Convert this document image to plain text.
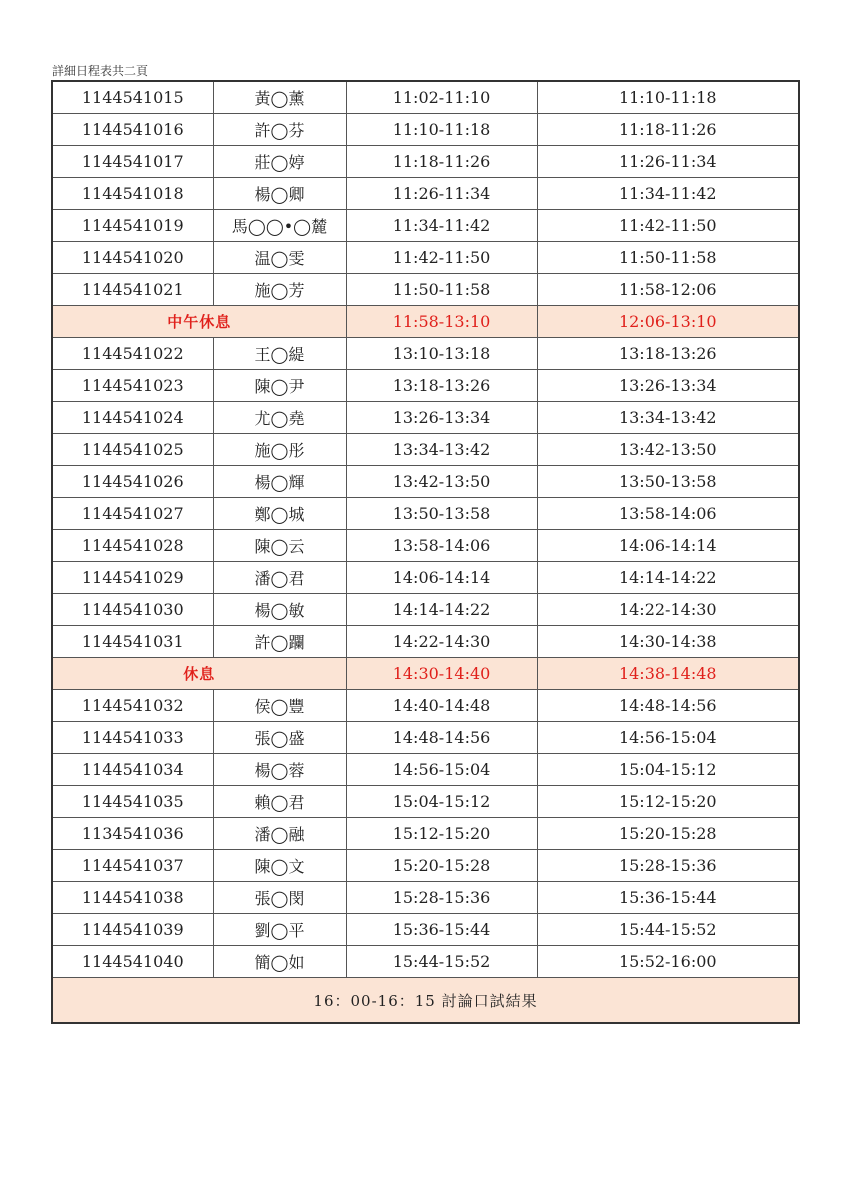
詳細日程表共二頁
1144541015	黃◯薰	11:02-11:10	11:10-11:18
1144541016	許◯芬	11:10-11:18	11:18-11:26
1144541017	莊◯婷	11:18-11:26	11:26-11:34
1144541018	楊◯卿	11:26-11:34	11:34-11:42
1144541019	馬◯◯•◯麓	11:34-11:42	11:42-11:50
1144541020	温◯雯	11:42-11:50	11:50-11:58
1144541021	施◯芳	11:50-11:58	11:58-12:06
中午休息		11:58-13:10	12:06-13:10
1144541022	王◯緹	13:10-13:18	13:18-13:26
1144541023	陳◯尹	13:18-13:26	13:26-13:34
1144541024	尤◯堯	13:26-13:34	13:34-13:42
1144541025	施◯彤	13:34-13:42	13:42-13:50
1144541026	楊◯輝	13:42-13:50	13:50-13:58
1144541027	鄭◯城	13:50-13:58	13:58-14:06
1144541028	陳◯云	13:58-14:06	14:06-14:14
1144541029	潘◯君	14:06-14:14	14:14-14:22
1144541030	楊◯敏	14:14-14:22	14:22-14:30
1144541031	許◯躝	14:22-14:30	14:30-14:38
休息		14:30-14:40	14:38-14:48
1144541032	侯◯豐	14:40-14:48	14:48-14:56
1144541033	張◯盛	14:48-14:56	14:56-15:04
1144541034	楊◯蓉	14:56-15:04	15:04-15:12
1144541035	賴◯君	15:04-15:12	15:12-15:20
1134541036	潘◯融	15:12-15:20	15:20-15:28
1144541037	陳◯文	15:20-15:28	15:28-15:36
1144541038	張◯閔	15:28-15:36	15:36-15:44
1144541039	劉◯平	15:36-15:44	15:44-15:52
1144541040	簡◯如	15:44-15:52	15:52-16:00
16：00-16：15 討論口試結果			
